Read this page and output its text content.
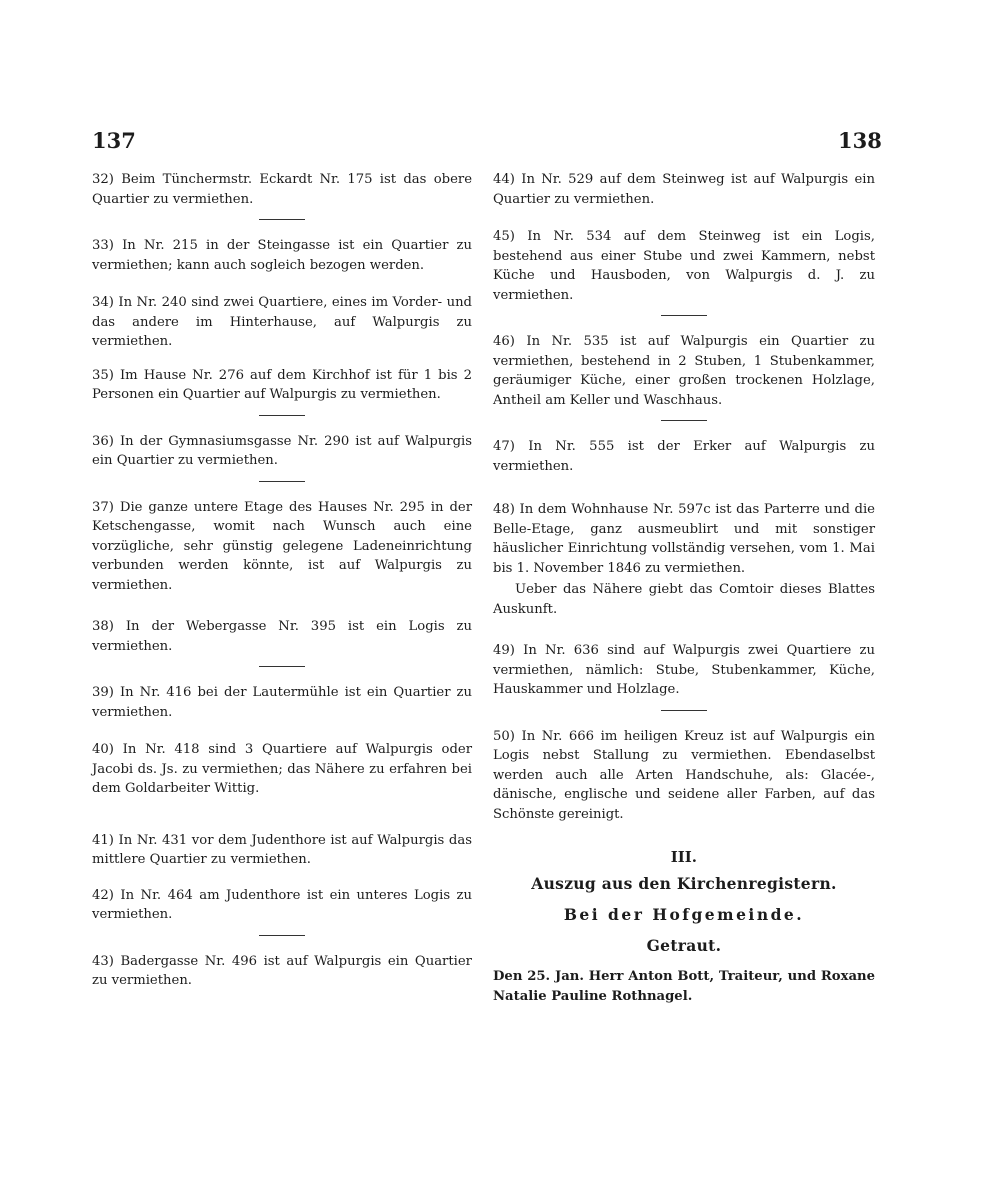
137	138

32) Beim Tünchermstr. Eckardt Nr. 175 ist das obere Quartier zu vermiethen.

33) In Nr. 215 in der Steingasse ist ein Quartier zu vermiethen; kann auch sogleich bezogen werden.

34) In Nr. 240 sind zwei Quartiere, eines im Vorder- und das andere im Hinterhause, auf Walpurgis zu vermiethen.

35) Im Hause Nr. 276 auf dem Kirchhof ist für 1 bis 2 Personen ein Quartier auf Walpurgis zu vermiethen.

36) In der Gymnasiumsgasse Nr. 290 ist auf Walpurgis ein Quartier zu vermiethen.

37) Die ganze untere Etage des Hauses Nr. 295 in der Ketschengasse, womit nach Wunsch auch eine vorzügliche, sehr günstig gelegene Ladeneinrichtung verbunden werden könnte, ist auf Walpurgis zu vermiethen.

38) In der Webergasse Nr. 395 ist ein Logis zu vermiethen.

39) In Nr. 416 bei der Lautermühle ist ein Quartier zu vermiethen.

40) In Nr. 418 sind 3 Quartiere auf Walpurgis oder Jacobi ds. Js. zu vermiethen; das Nähere zu erfahren bei dem Goldarbeiter Wittig.

41) In Nr. 431 vor dem Judenthore ist auf Walpurgis das mittlere Quartier zu vermiethen.

42) In Nr. 464 am Judenthore ist ein unteres Logis zu vermiethen.

43) Badergasse Nr. 496 ist auf Walpurgis ein Quartier zu vermiethen.

44) In Nr. 529 auf dem Steinweg ist auf Walpurgis ein Quartier zu vermiethen.

45) In Nr. 534 auf dem Steinweg ist ein Logis, bestehend aus einer Stube und zwei Kammern, nebst Küche und Hausboden, von Walpurgis d. J. zu vermiethen.

46) In Nr. 535 ist auf Walpurgis ein Quartier zu vermiethen, bestehend in 2 Stuben, 1 Stubenkammer, geräumiger Küche, einer großen trockenen Holzlage, Antheil am Keller und Waschhaus.

47) In Nr. 555 ist der Erker auf Walpurgis zu vermiethen.

48) In dem Wohnhause Nr. 597c ist das Parterre und die Belle-Etage, ganz ausmeublirt und mit sonstiger häuslicher Einrichtung vollständig versehen, vom 1. Mai bis 1. November 1846 zu vermiethen.

Ueber das Nähere giebt das Comtoir dieses Blattes Auskunft.

49) In Nr. 636 sind auf Walpurgis zwei Quartiere zu vermiethen, nämlich: Stube, Stubenkammer, Küche, Hauskammer und Holzlage.

50) In Nr. 666 im heiligen Kreuz ist auf Walpurgis ein Logis nebst Stallung zu vermiethen. Ebendaselbst werden auch alle Arten Handschuhe, als: Glacée-, dänische, englische und seidene aller Farben, auf das Schönste gereinigt.

III.
Auszug aus den Kirchenregistern.
Bei der Hofgemeinde.
Getraut.

Den 25. Jan. Herr Anton Bott, Traiteur, und Roxane Natalie Pauline Rothnagel.
